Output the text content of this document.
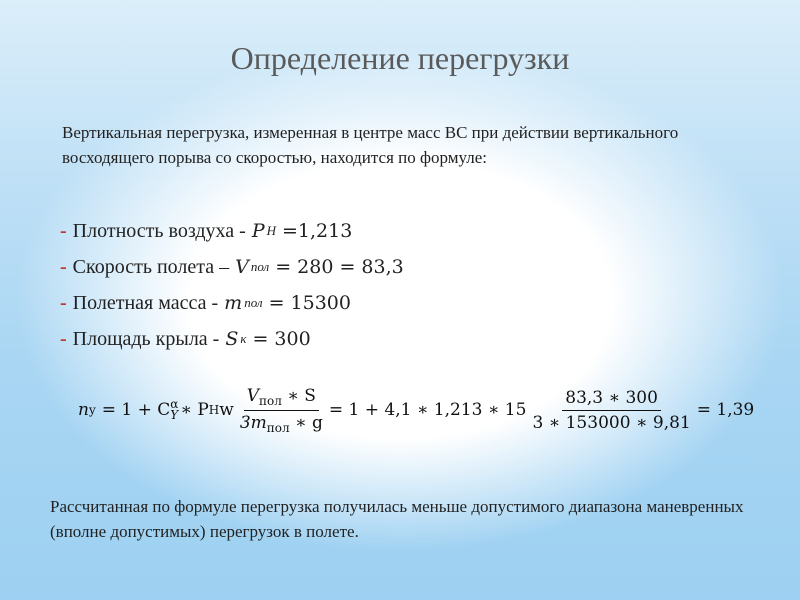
Определение перегрузки
Вертикальная перегрузка, измеренная в центре масс ВС при действии вертикального восходящего порыва со скоростью, находится по формуле:
- Плотность воздуха - P H =1,213
- Скорость полета – V пол = 280 = 83,3
- Полетная масса - m пол = 15300
- Площадь крыла - S к = 300
n y = 1 + C α
Y ∗ P H w $\frac{V_{пол} ∗ S}{3m_{пол} ∗ g} = 1 + 4,1$ ∗ 1,213 ∗ $15 \frac{83,3 ∗ 300}{3 ∗ 153000 ∗ 9,81} = 1,39$
Рассчитанная по формуле перегрузка получилась меньше допустимого диапазона маневренных (вполне допустимых) перегрузок в полете.
